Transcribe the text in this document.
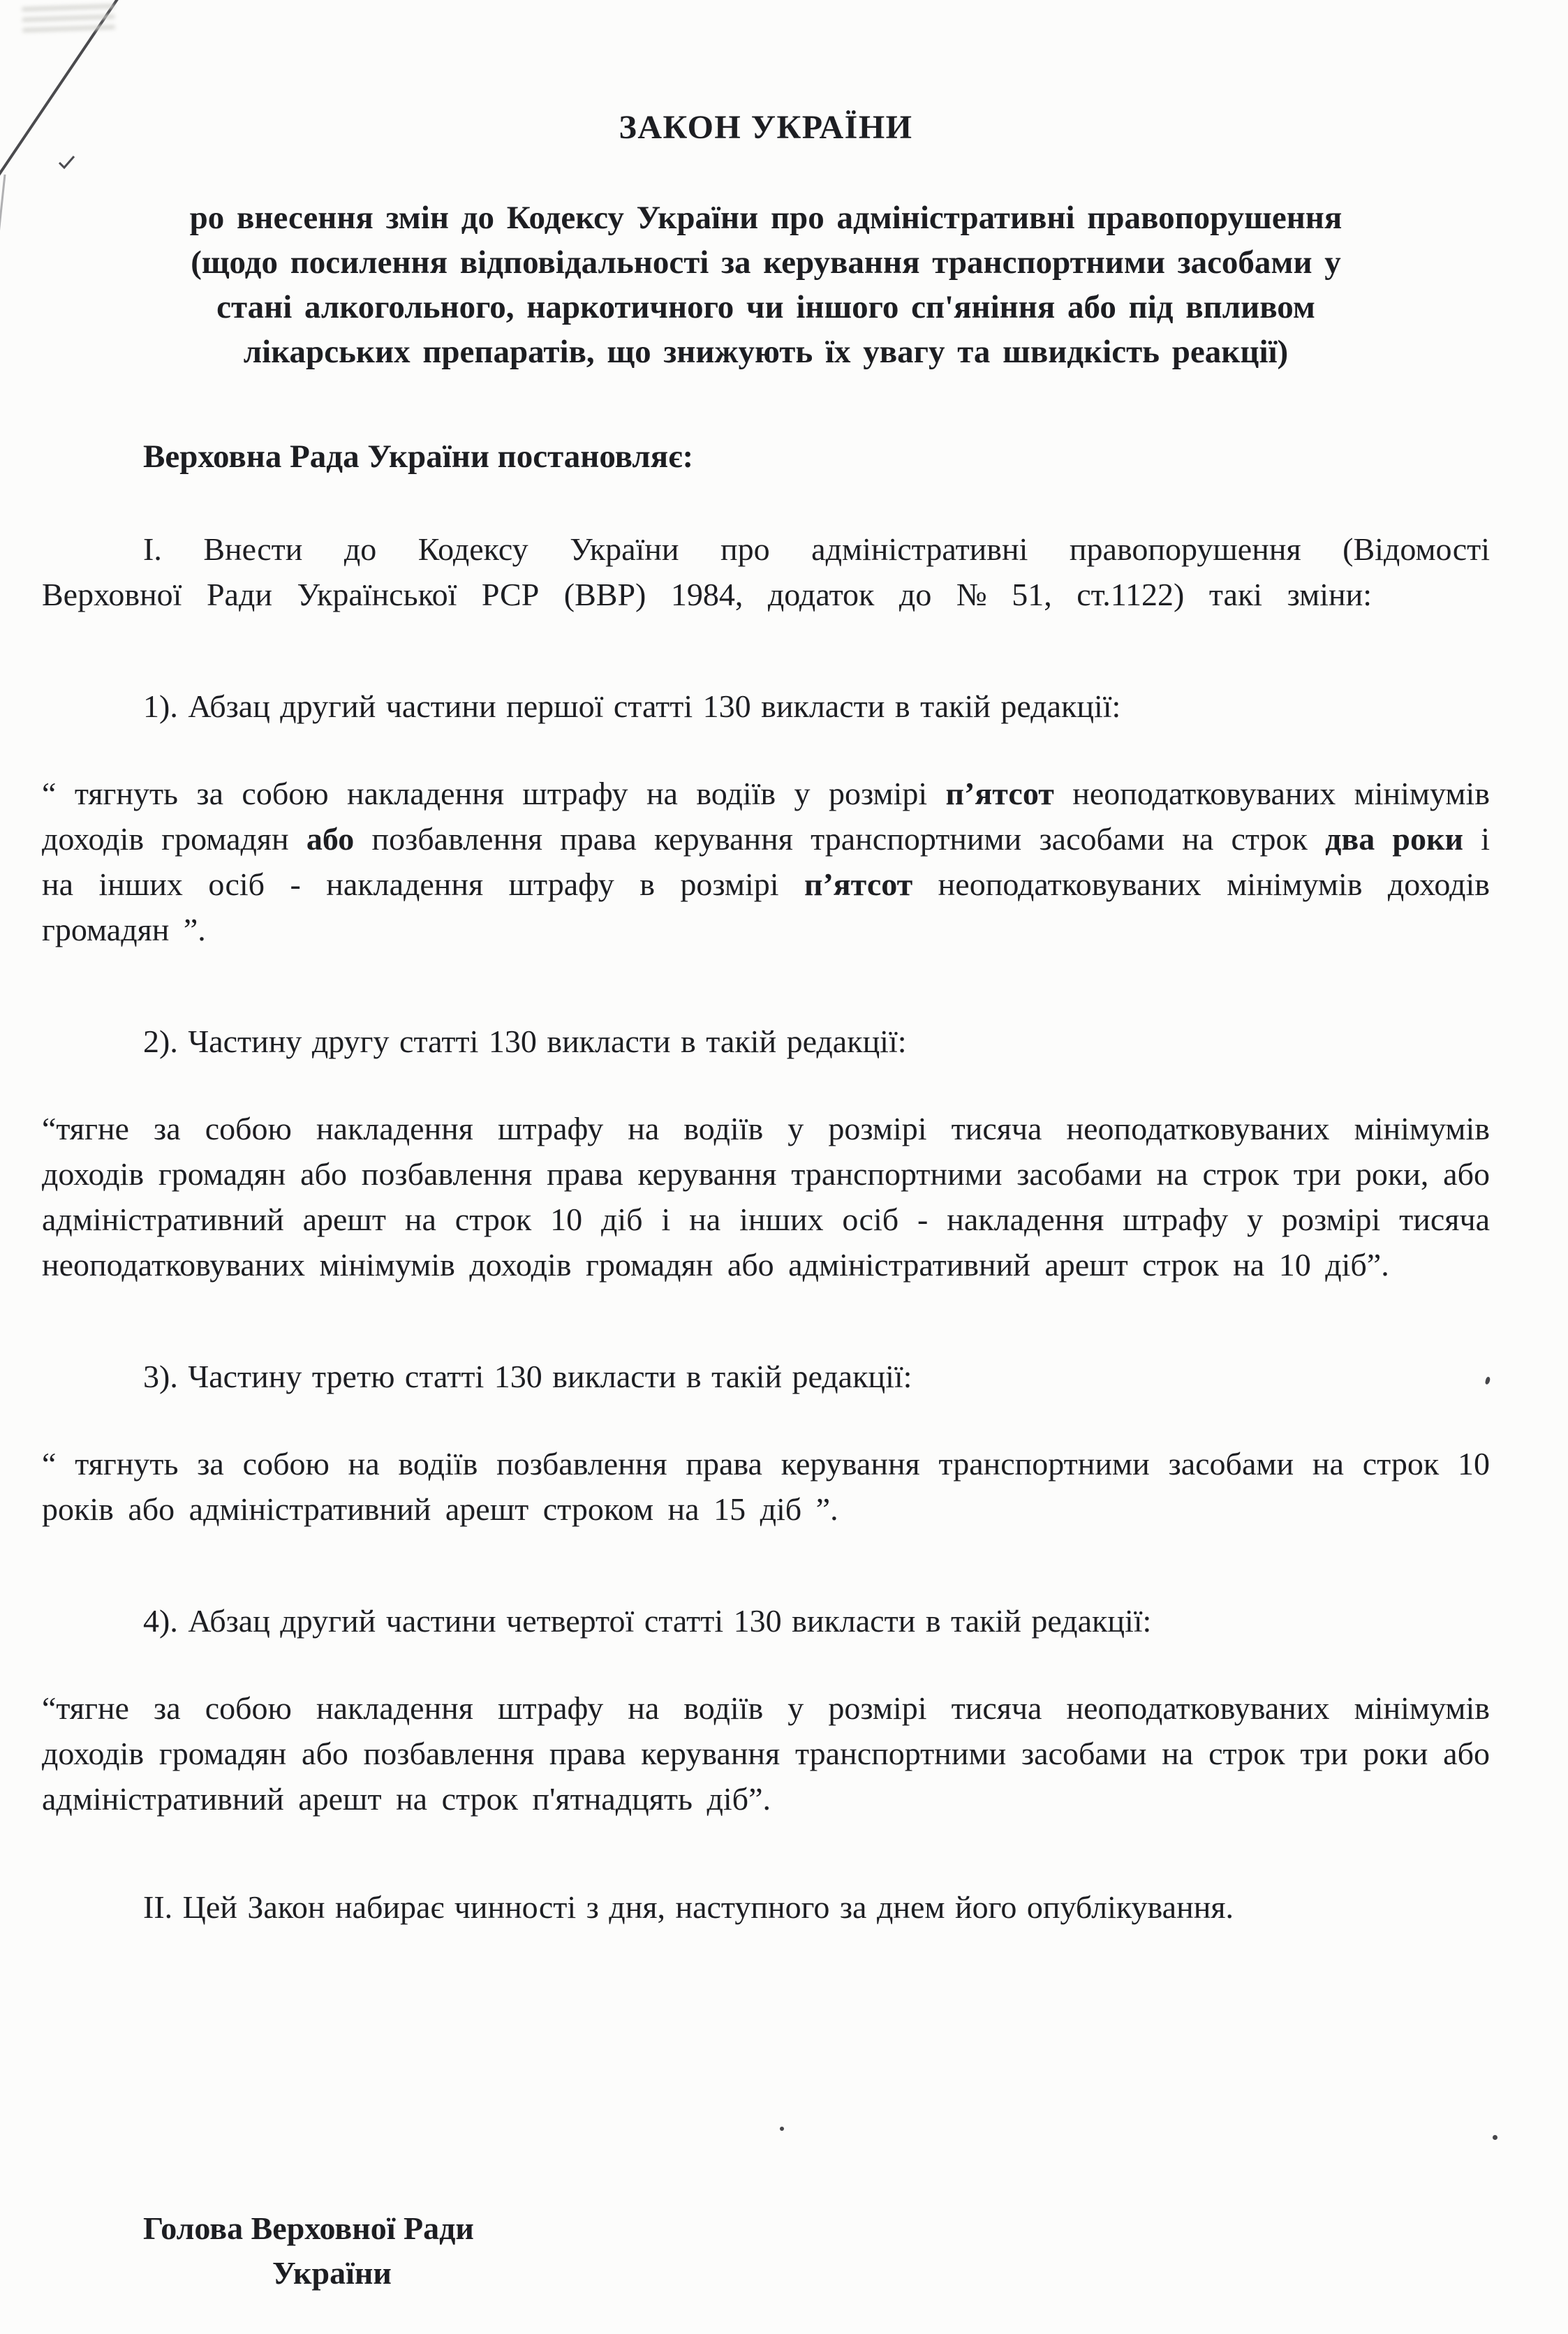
ЗАКОН УКРАЇНИ
ро внесення змін до Кодексу України про адміністративні правопорушення
(щодо посилення відповідальності за керування транспортними засобами у
стані алкогольного, наркотичного чи іншого сп'яніння або під впливом
лікарських препаратів, що знижують їх увагу та швидкість реакції)

Верховна Рада України постановляє:

І. Внести до Кодексу України про адміністративні правопорушення (Відомості Верховної Ради Української РСР (ВВР) 1984, додаток до № 51, ст.1122) такі зміни:

1). Абзац другий частини першої статті 130 викласти в такій редакції:

“ тягнуть за собою накладення штрафу на водіїв у розмірі п’ятсот неоподатковуваних мінімумів доходів громадян або позбавлення права керування транспортними засобами на строк два роки і на інших осіб - накладення штрафу в розмірі п’ятсот неоподатковуваних мінімумів доходів громадян ”.

2). Частину другу статті 130 викласти в такій редакції:

“тягне за собою накладення штрафу на водіїв у розмірі тисяча неоподатковуваних мінімумів доходів громадян або позбавлення права керування транспортними засобами на строк три роки, або адміністративний арешт на строк 10 діб і на інших осіб - накладення штрафу у розмірі тисяча неоподатковуваних мінімумів доходів громадян або адміністративний арешт строк на 10 діб”.

3). Частину третю статті 130 викласти в такій редакції:

“ тягнуть за собою на водіїв позбавлення права керування транспортними засобами на строк 10 років або адміністративний арешт строком на 15 діб ”.

4). Абзац другий частини четвертої статті 130 викласти в такій редакції:

“тягне за собою накладення штрафу на водіїв у розмірі тисяча неоподатковуваних мінімумів доходів громадян або позбавлення права керування транспортними засобами на строк три роки або адміністративний арешт на строк п'ятнадцять діб”.

ІІ. Цей Закон набирає чинності з дня, наступного за днем його опублікування.

Голова Верховної Ради
України
